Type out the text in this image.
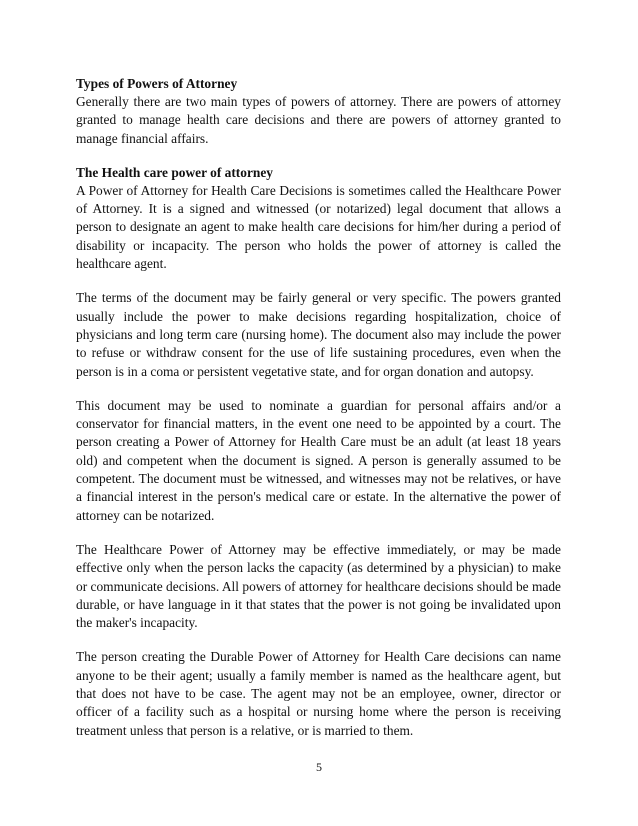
Types of Powers of Attorney

Generally there are two main types of powers of attorney. There are powers of attorney granted to manage health care decisions and there are powers of attorney granted to manage financial affairs.

The Health care power of attorney

A Power of Attorney for Health Care Decisions is sometimes called the Healthcare Power of Attorney. It is a signed and witnessed (or notarized) legal document that allows a person to designate an agent to make health care decisions for him/her during a period of disability or incapacity. The person who holds the power of attorney is called the healthcare agent.

The terms of the document may be fairly general or very specific. The powers granted usually include the power to make decisions regarding hospitalization, choice of physicians and long term care (nursing home). The document also may include the power to refuse or withdraw consent for the use of life sustaining procedures, even when the person is in a coma or persistent vegetative state, and for organ donation and autopsy.

This document may be used to nominate a guardian for personal affairs and/or a conservator for financial matters, in the event one need to be appointed by a court. The person creating a Power of Attorney for Health Care must be an adult (at least 18 years old) and competent when the document is signed. A person is generally assumed to be competent. The document must be witnessed, and witnesses may not be relatives, or have a financial interest in the person's medical care or estate. In the alternative the power of attorney can be notarized.

The Healthcare Power of Attorney may be effective immediately, or may be made effective only when the person lacks the capacity (as determined by a physician) to make or communicate decisions. All powers of attorney for healthcare decisions should be made durable, or have language in it that states that the power is not going be invalidated upon the maker's incapacity.

The person creating the Durable Power of Attorney for Health Care decisions can name anyone to be their agent; usually a family member is named as the healthcare agent, but that does not have to be case. The agent may not be an employee, owner, director or officer of a facility such as a hospital or nursing home where the person is receiving treatment unless that person is a relative, or is married to them.

5
